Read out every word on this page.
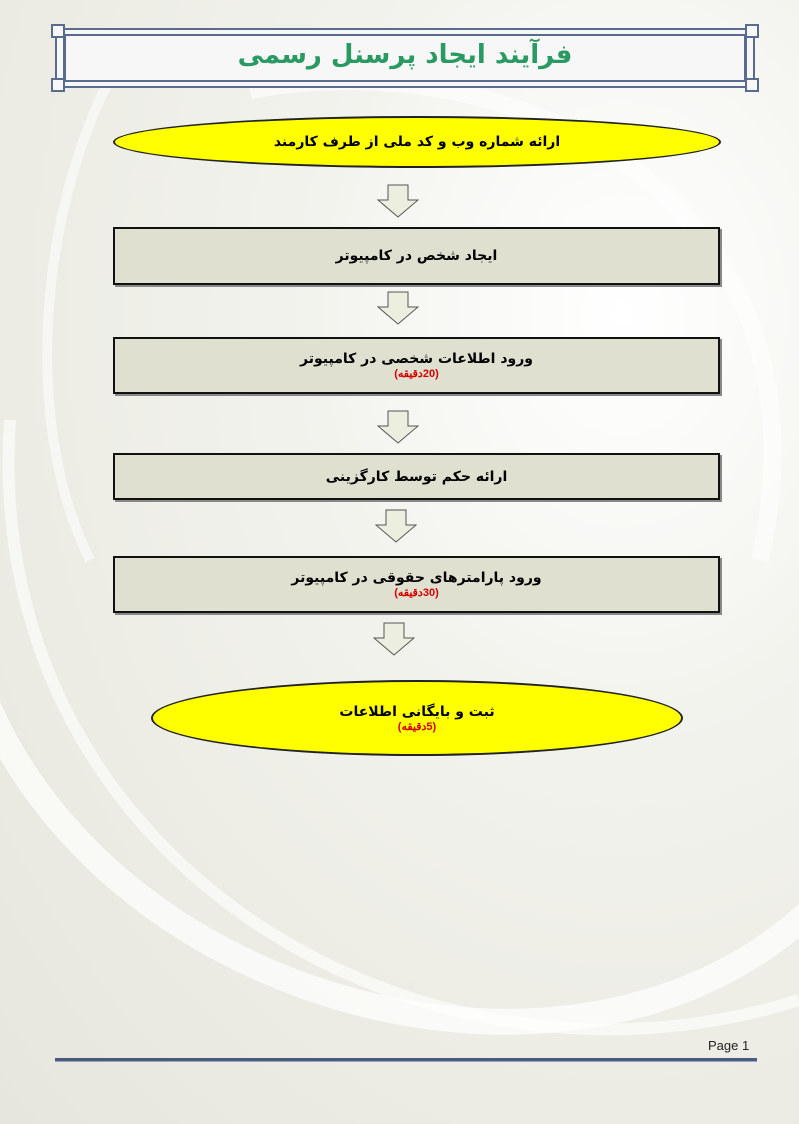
فرآیند ایجاد پرسنل رسمی
ارائه شماره وب و کد ملی از طرف کارمند
ایجاد شخص در کامپیوتر
ورود اطلاعات شخصی در کامپیوتر
(20دقیقه)
ارائه حکم توسط کارگزینی
ورود پارامترهای حقوقی در کامپیوتر
(30دقیقه)
ثبت و بایگانی اطلاعات
(5دقیقه)
Page 1
